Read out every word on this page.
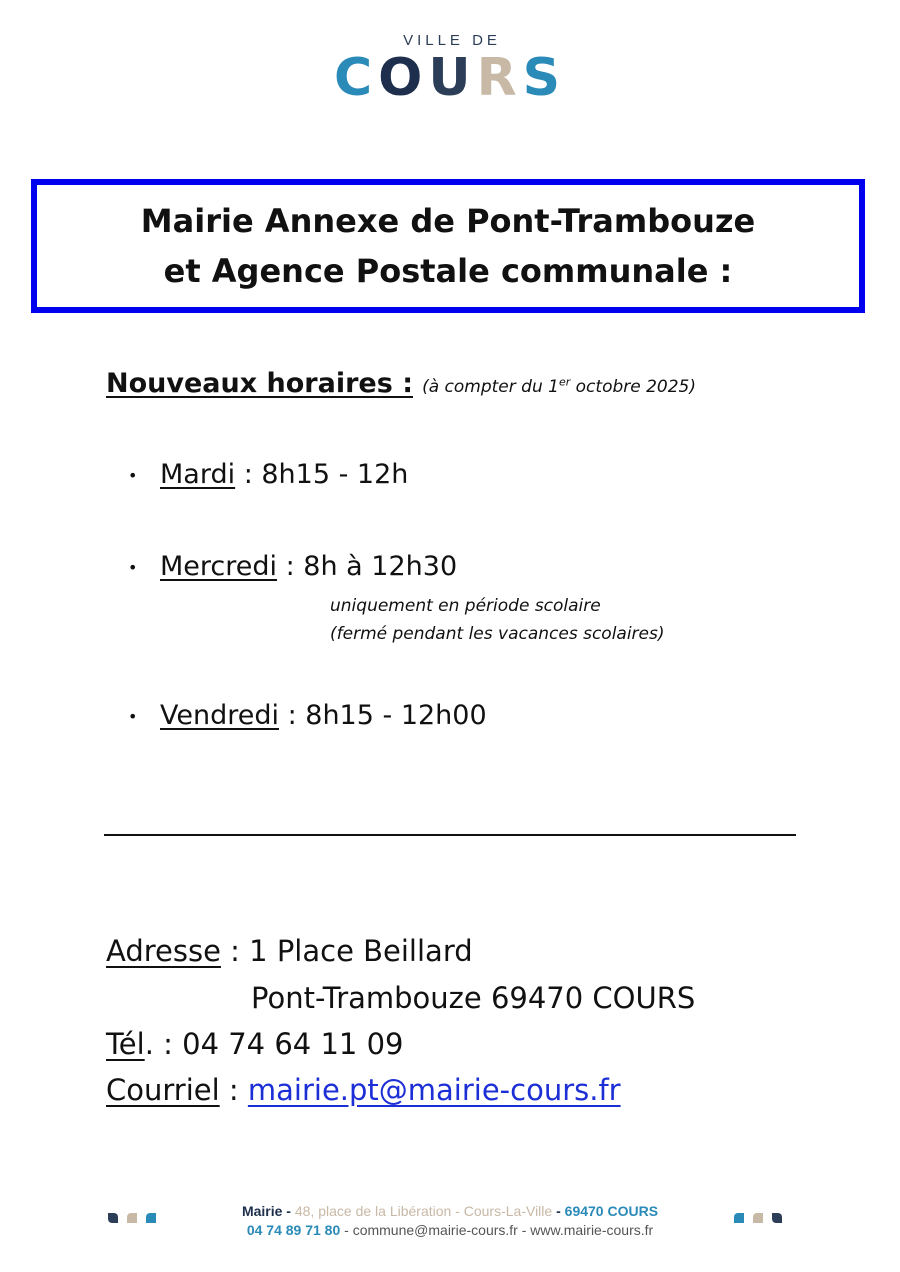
VILLE DE
COURS
Mairie Annexe de Pont-Trambouze
et Agence Postale communale :
Nouveaux horaires : (à compter du 1er octobre 2025)
• Mardi : 8h15 - 12h
• Mercredi : 8h à 12h30
uniquement en période scolaire
(fermé pendant les vacances scolaires)
• Vendredi : 8h15 - 12h00
Adresse : 1 Place Beillard
Pont-Trambouze 69470 COURS
Tél. : 04 74 64 11 09
Courriel : mairie.pt@mairie-cours.fr
Mairie - 48, place de la Libération - Cours-La-Ville - 69470 COURS
04 74 89 71 80 - commune@mairie-cours.fr - www.mairie-cours.fr
